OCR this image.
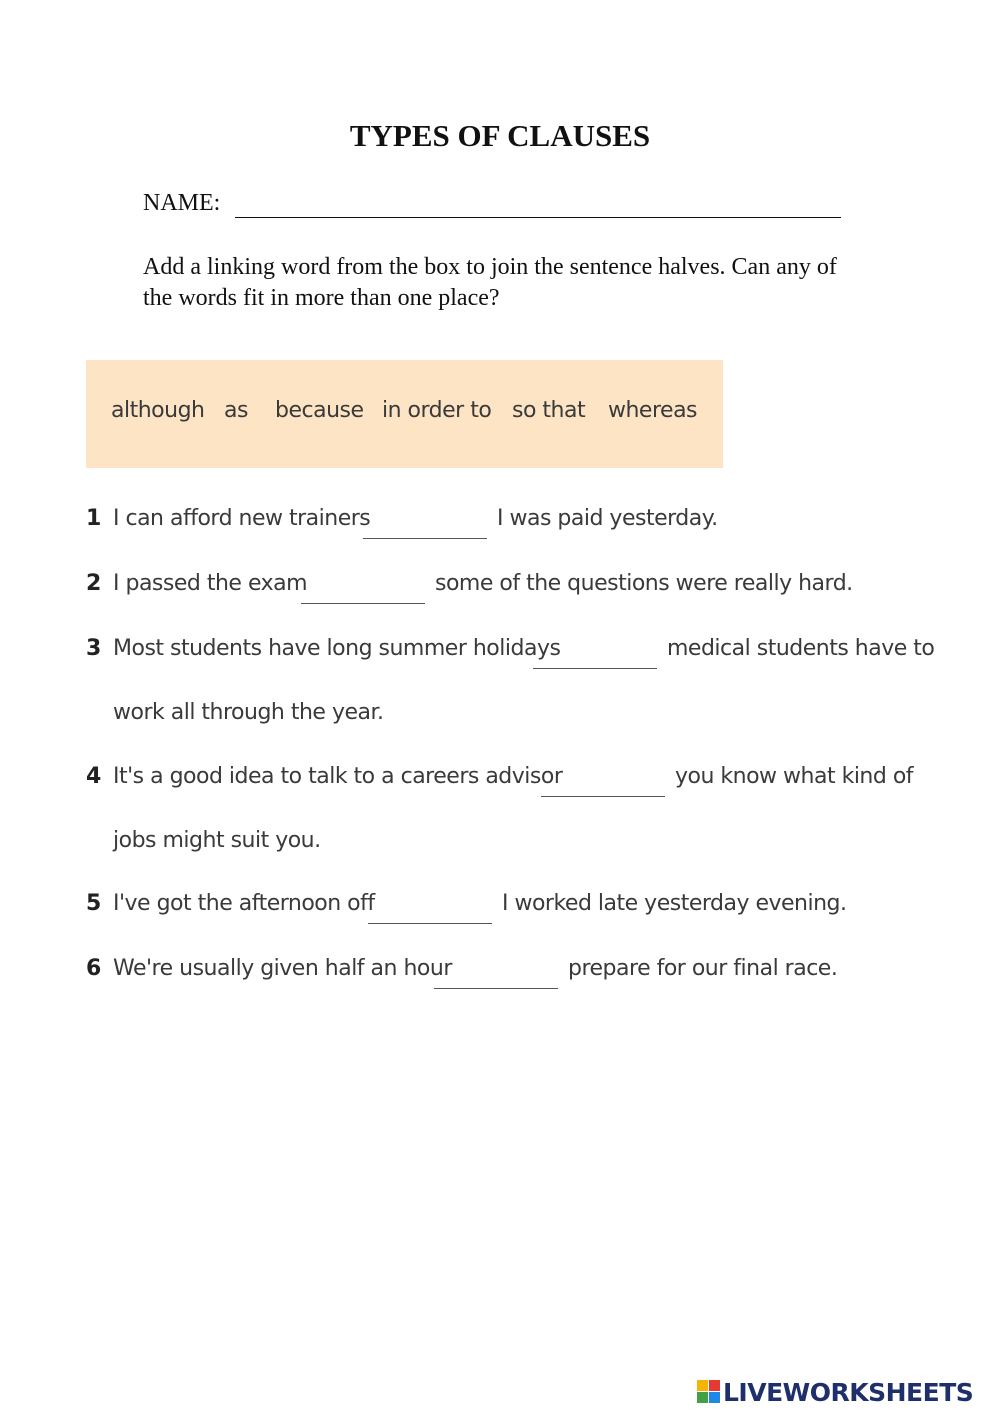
TYPES OF CLAUSES
NAME:
Add a linking word from the box to join the sentence halves. Can any of the words fit in more than one place?
although as because in order to so that whereas
1 I can afford new trainers	I was paid yesterday.
2 I passed the exam	some of the questions were really hard.
3 Most students have long summer holidays	medical students have to
work all through the year.
4 It's a good idea to talk to a careers advisor	you know what kind of
jobs might suit you.
5 I've got the afternoon off	I worked late yesterday evening.
6 We're usually given half an hour	prepare for our final race.
LIVEWORKSHEETS
